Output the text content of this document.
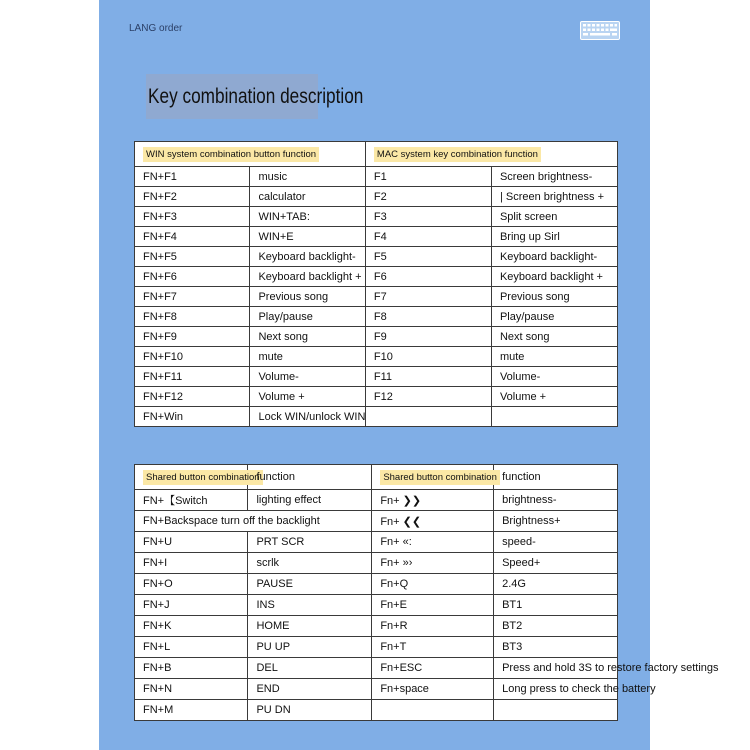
LANG order
Key combination description
WIN system combination button function		MAC system key combination function	
FN+F1	music	F1	Screen brightness-
FN+F2	calculator	F2	| Screen brightness +
FN+F3	WIN+TAB:	F3	Split screen
FN+F4	WIN+E	F4	Bring up Sirl
FN+F5	Keyboard backlight-	F5	Keyboard backlight-
FN+F6	Keyboard backlight +	F6	Keyboard backlight +
FN+F7	Previous song	F7	Previous song
FN+F8	Play/pause	F8	Play/pause
FN+F9	Next song	F9	Next song
FN+F10	mute	F10	mute
FN+F11	Volume-	F11	Volume-
FN+F12	Volume +	F12	Volume +
FN+Win	Lock WIN/unlock WIN		
Shared button combination	function	Shared button combination	function
FN+【Switch	lighting effect	Fn+ ❯❯	brightness-
FN+Backspace turn off the backlight		Fn+ ❮❮	Brightness+
FN+U	PRT SCR	Fn+ «:	speed-
FN+I	scrlk	Fn+ »›	Speed+
FN+O	PAUSE	Fn+Q	2.4G
FN+J	INS	Fn+E	BT1
FN+K	HOME	Fn+R	BT2
FN+L	PU UP	Fn+T	BT3
FN+B	DEL	Fn+ESC	Press and hold 3S to restore factory settings
FN+N	END	Fn+space	Long press to check the battery
FN+M	PU DN		
